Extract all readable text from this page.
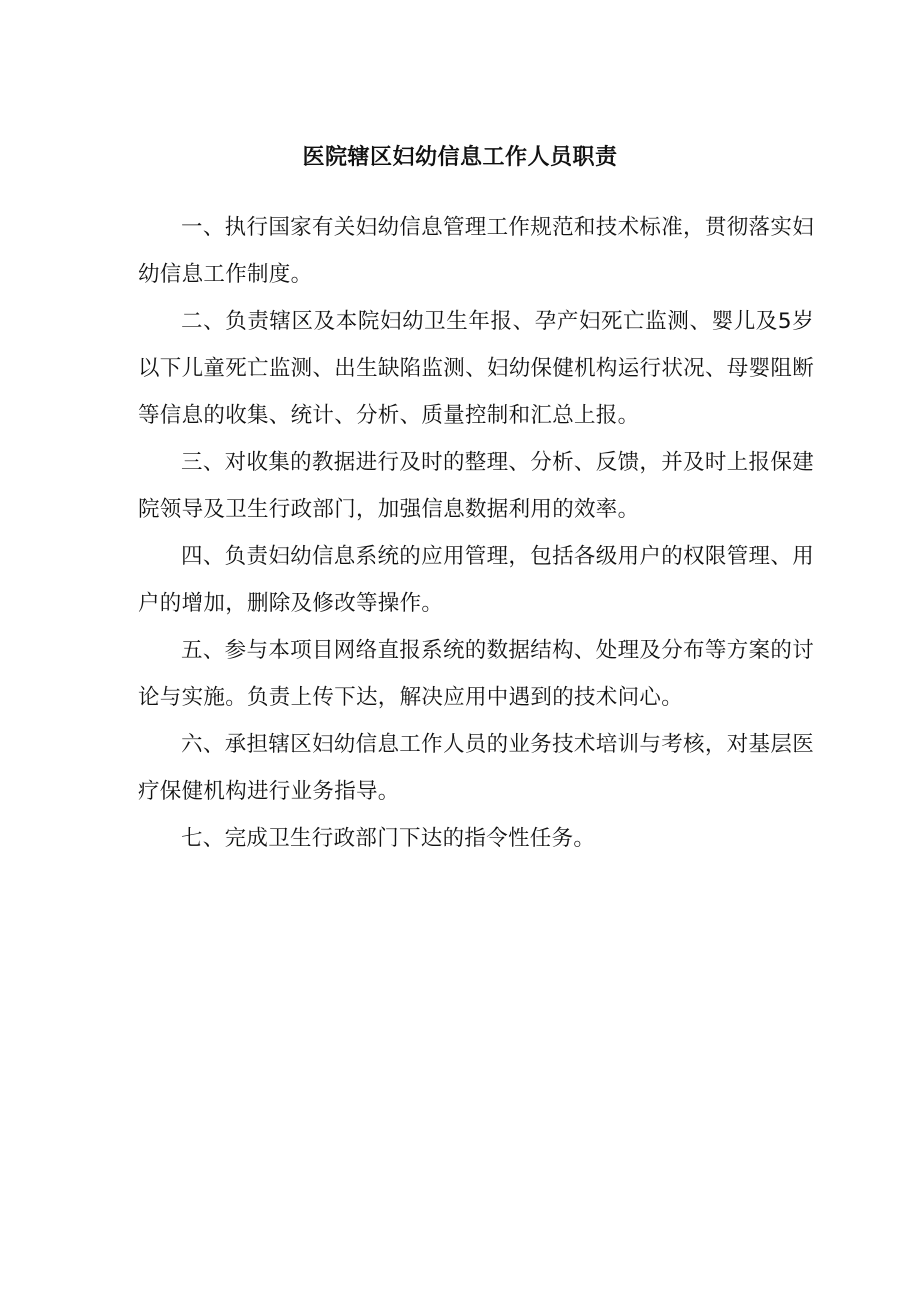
医院辖区妇幼信息工作人员职责

一、执行国家有关妇幼信息管理工作规范和技术标准，贯彻落实妇幼信息工作制度。

二、负责辖区及本院妇幼卫生年报、孕产妇死亡监测、婴儿及5岁以下儿童死亡监测、出生缺陷监测、妇幼保健机构运行状况、母婴阻断等信息的收集、统计、分析、质量控制和汇总上报。

三、对收集的教据进行及时的整理、分析、反馈，并及时上报保建院领导及卫生行政部门，加强信息数据利用的效率。

四、负责妇幼信息系统的应用管理，包括各级用户的权限管理、用户的增加，删除及修改等操作。

五、参与本项目网络直报系统的数据结构、处理及分布等方案的讨论与实施。负责上传下达，解决应用中遇到的技术问心。

六、承担辖区妇幼信息工作人员的业务技术培训与考核，对基层医疗保健机构进行业务指导。

七、完成卫生行政部门下达的指令性任务。
